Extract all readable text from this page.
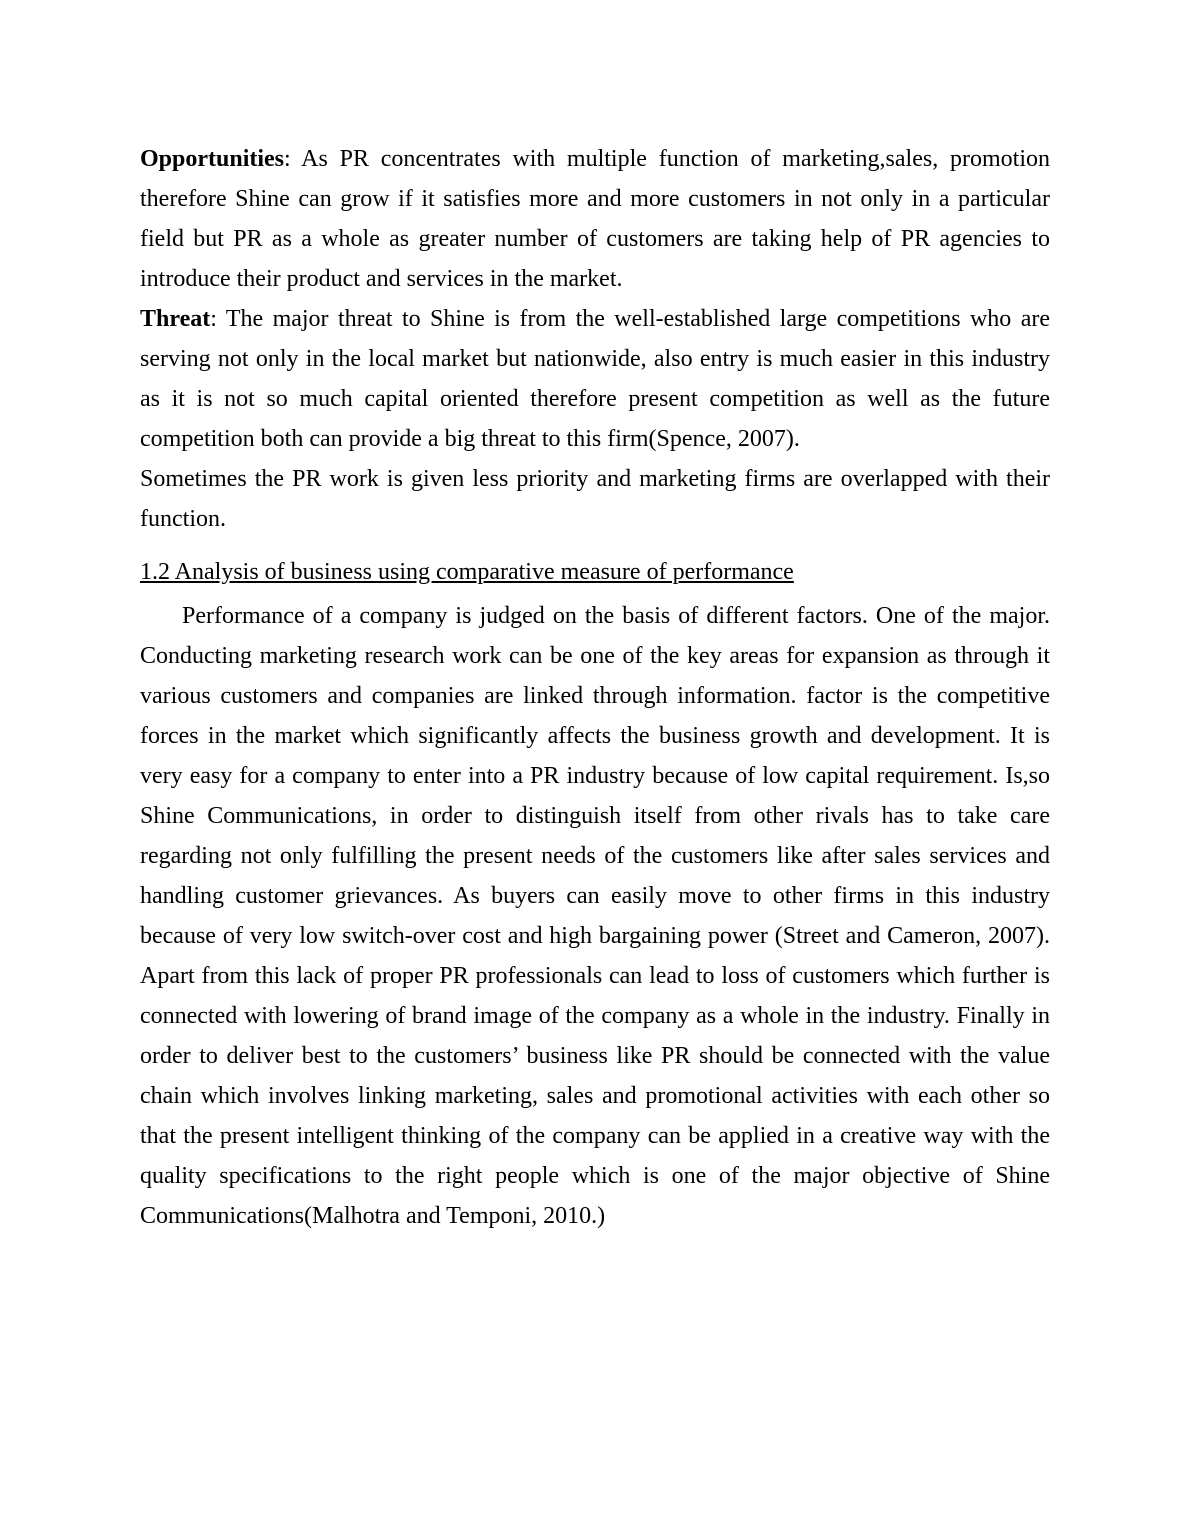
Opportunities: As PR concentrates with multiple function of marketing,sales, promotion therefore Shine can grow if it satisfies more and more customers in not only in a particular field but PR as a whole as greater number of customers are taking help of PR agencies to introduce their product and services in the market.

Threat: The major threat to Shine is from the well-established large competitions who are serving not only in the local market but nationwide, also entry is much easier in this industry as it is not so much capital oriented therefore present competition as well as the future competition both can provide a big threat to this firm(Spence, 2007).

Sometimes the PR work is given less priority and marketing firms are overlapped with their function.

1.2 Analysis of business using comparative measure of performance

Performance of a company is judged on the basis of different factors. One of the major. Conducting marketing research work can be one of the key areas for expansion as through it various customers and companies are linked through information. factor is the competitive forces in the market which significantly affects the business growth and development. It is very easy for a company to enter into a PR industry because of low capital requirement. Is,so Shine Communications, in order to distinguish itself from other rivals has to take care regarding not only fulfilling the present needs of the customers like after sales services and handling customer grievances. As buyers can easily move to other firms in this industry because of very low switch-over cost and high bargaining power (Street and Cameron, 2007). Apart from this lack of proper PR professionals can lead to loss of customers which further is connected with lowering of brand image of the company as a whole in the industry. Finally in order to deliver best to the customers’ business like PR should be connected with the value chain which involves linking marketing, sales and promotional activities with each other so that the present intelligent thinking of the company can be applied in a creative way with the quality specifications to the right people which is one of the major objective of Shine Communications(Malhotra and Temponi, 2010.)
